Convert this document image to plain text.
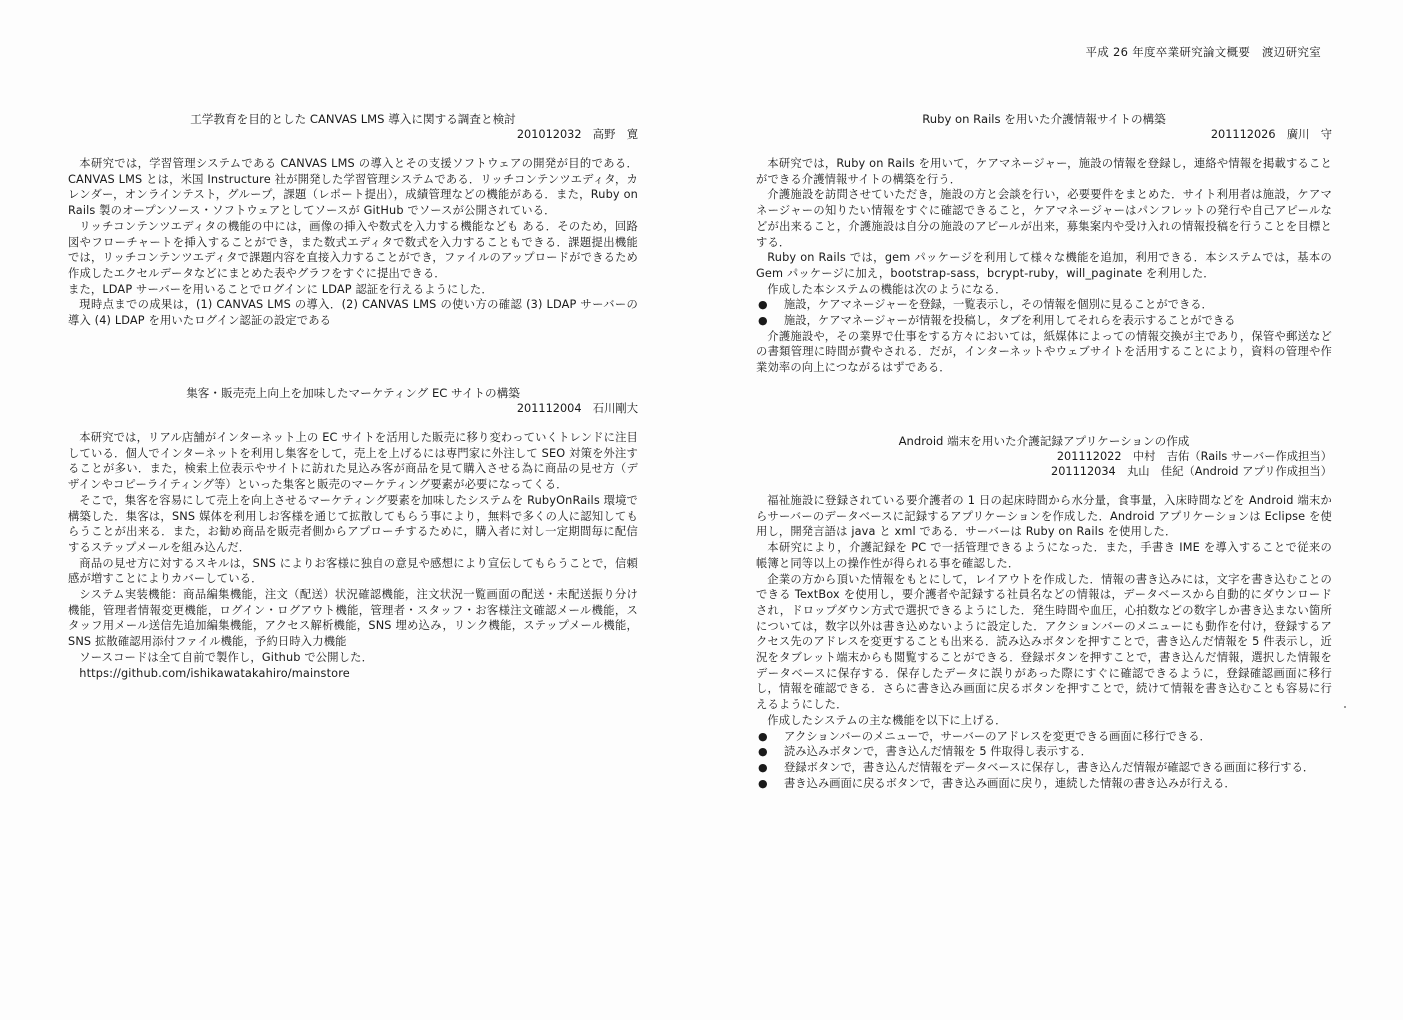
平成 26 年度卒業研究論文概要　渡辺研究室
工学教育を目的とした CANVAS LMS 導入に関する調査と検討
201012032　高野　寛

本研究では，学習管理システムである CANVAS LMS の導入とその支援ソフトウェアの開発が目的である．CANVAS LMS とは，米国 Instructure 社が開発した学習管理システムである．リッチコンテンツエディタ，カレンダー，オンラインテスト，グループ，課題（レポート提出），成績管理などの機能がある．また，Ruby on Rails 製のオープンソース・ソフトウェアとしてソースが GitHub でソースが公開されている．

リッチコンテンツエディタの機能の中には，画像の挿入や数式を入力する機能なども ある．そのため，回路図やフローチャートを挿入することができ，また数式エディタで数式を入力することもできる．課題提出機能では，リッチコンテンツエディタで課題内容を直接入力することができ，ファイルのアップロードができるため作成したエクセルデータなどにまとめた表やグラフをすぐに提出できる．

また，LDAP サーバーを用いることでログインに LDAP 認証を行えるようにした．

現時点までの成果は，(1) CANVAS LMS の導入．(2) CANVAS LMS の使い方の確認 (3) LDAP サーバーの導入 (4) LDAP を用いたログイン認証の設定である

集客・販売売上向上を加味したマーケティング EC サイトの構築
201112004　石川剛大

本研究では，リアル店舗がインターネット上の EC サイトを活用した販売に移り変わっていくトレンドに注目している．個人でインターネットを利用し集客をして，売上を上げるには専門家に外注して SEO 対策を外注することが多い．また，検索上位表示やサイトに訪れた見込み客が商品を見て購入させる為に商品の見せ方（デザインやコピーライティング等）といった集客と販売のマーケティング要素が必要になってくる．

そこで，集客を容易にして売上を向上させるマーケティング要素を加味したシステムを RubyOnRails 環境で構築した．集客は，SNS 媒体を利用しお客様を通じて拡散してもらう事により，無料で多くの人に認知してもらうことが出来る．また，お勧め商品を販売者側からアプローチするために，購入者に対し一定期間毎に配信するステップメールを組み込んだ．

商品の見せ方に対するスキルは，SNS によりお客様に独自の意見や感想により宣伝してもらうことで，信頼感が増すことによりカバーしている．

システム実装機能：商品編集機能，注文（配送）状況確認機能，注文状況一覧画面の配送・未配送振り分け機能，管理者情報変更機能，ログイン・ログアウト機能，管理者・スタッフ・お客様注文確認メール機能，スタッフ用メール送信先追加編集機能，アクセス解析機能，SNS 埋め込み，リンク機能，ステップメール機能，SNS 拡散確認用添付ファイル機能，予約日時入力機能

ソースコードは全て自前で製作し，Github で公開した．

https://github.com/ishikawatakahiro/mainstore

Ruby on Rails を用いた介護情報サイトの構築
201112026　廣川　守

本研究では，Ruby on Rails を用いて，ケアマネージャー，施設の情報を登録し，連絡や情報を掲載することができる介護情報サイトの構築を行う．

介護施設を訪問させていただき，施設の方と会談を行い，必要要件をまとめた．サイト利用者は施設，ケアマネージャーの知りたい情報をすぐに確認できること，ケアマネージャーはパンフレットの発行や自己アピールなどが出来ること，介護施設は自分の施設のアピールが出来，募集案内や受け入れの情報投稿を行うことを目標とする．

Ruby on Rails では，gem パッケージを利用して様々な機能を追加，利用できる．本システムでは，基本の Gem パッケージに加え，bootstrap-sass，bcrypt-ruby，will_paginate を利用した．

作成した本システムの機能は次のようになる．

● 施設，ケアマネージャーを登録，一覧表示し，その情報を個別に見ることができる．
● 施設，ケアマネージャーが情報を投稿し，タブを利用してそれらを表示することができる

介護施設や，その業界で仕事をする方々においては，紙媒体によっての情報交換が主であり，保管や郵送などの書類管理に時間が費やされる．だが，インターネットやウェブサイトを活用することにより，資料の管理や作業効率の向上につながるはずである．

Android 端末を用いた介護記録アプリケーションの作成
201112022　中村　吉佑（Rails サーバー作成担当）
201112034　丸山　佳紀（Android アプリ作成担当）

福祉施設に登録されている要介護者の 1 日の起床時間から水分量，食事量，入床時間などを Android 端末からサーバーのデータベースに記録するアプリケーションを作成した．Android アプリケーションは Eclipse を使用し，開発言語は java と xml である．サーバーは Ruby on Rails を使用した．

本研究により，介護記録を PC で一括管理できるようになった．また，手書き IME を導入することで従来の帳簿と同等以上の操作性が得られる事を確認した．

企業の方から頂いた情報をもとにして，レイアウトを作成した．情報の書き込みには，文字を書き込むことのできる TextBox を使用し，要介護者や記録する社員名などの情報は，データベースから自動的にダウンロードされ，ドロップダウン方式で選択できるようにした．発生時間や血圧，心拍数などの数字しか書き込まない箇所については，数字以外は書き込めないように設定した．アクションバーのメニューにも動作を付け，登録するアクセス先のアドレスを変更することも出来る．読み込みボタンを押すことで，書き込んだ情報を 5 件表示し，近況をタブレット端末からも閲覧することができる．登録ボタンを押すことで，書き込んだ情報，選択した情報をデータベースに保存する．保存したデータに誤りがあった際にすぐに確認できるように，登録確認画面に移行し，情報を確認できる．さらに書き込み画面に戻るボタンを押すことで，続けて情報を書き込むことも容易に行えるようにした．

作成したシステムの主な機能を以下に上げる．

● アクションバーのメニューで，サーバーのアドレスを変更できる画面に移行できる．
● 読み込みボタンで，書き込んだ情報を 5 件取得し表示する．
● 登録ボタンで，書き込んだ情報をデータベースに保存し，書き込んだ情報が確認できる画面に移行する．
● 書き込み画面に戻るボタンで，書き込み画面に戻り，連続した情報の書き込みが行える．
